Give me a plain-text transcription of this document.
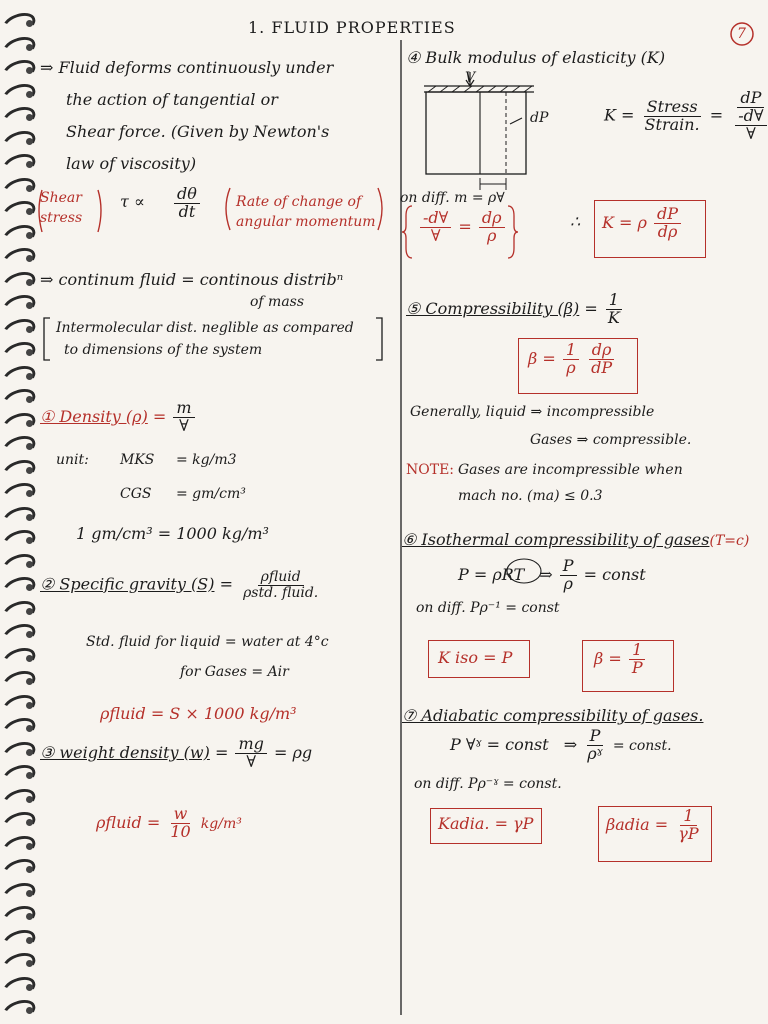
1. FLUID PROPERTIES	7
⇒ Fluid deforms continuously under
the action of tangential or
Shear force. (Given by Newton's
law of viscosity)
Shear
stress
$\tau \propto \frac{d\theta}{dt}$	Rate of change of
angular momentum
⇒ continum fluid = continous distribⁿ
of mass
Intermolecular dist. neglible as compared
to dimensions of the system
① Density $(\rho) = \frac{m}{\forall}$
unit: MKS = kg/m3
CGS = gm/cm³
1 gm/cm³ = 1000 kg/m³
② Specific gravity $(S) = \frac{\text{ρfluid}}{\text{ρstd. fluid.}}$
Std. fluid for liquid = water at 4°c
for Gases = Air
ρfluid = S × 1000 kg/m³
③ weight density $(w) = \frac{mg}{\forall} = \rho g$
ρfluid = $\frac{w}{10} kg/m^3$
④ Bulk modulus of elasticity (K)
V
dP	$K = \frac{\text{Stress}}{\text{Strain.}} = \frac{dP}{\frac{-d\forall}{\forall}}$
on diff. m = ρ∀
$\frac{-d\forall}{\forall} = \frac{d\rho}{\rho}$	∴ K = ρ $\frac{dP}{d\rho}$
⑤ Compressibility $(\beta) = \frac{1}{K}$
$\beta = \frac{1}{\rho}$
$\frac{d\rho}{dP}$
Generally, liquid ⇒ incompressible
Gases ⇒ compressible.
NOTE: Gases are incompressible when
mach no. (ma) ≤ 0.3
⑥ Isothermal compressibility of gases(T=c)
P = ρRT ⇒ $\frac{P}{\rho}$ = const
on diff. Pρ⁻¹ = const
K iso = P	$\beta = \frac{1}{P}$
⑦ Adiabatic compressibility of gases.
P ∀ˠ = const ⇒ $\frac{P}{\text{ρˠ}}$ = const.
on diff. Pρ⁻ˠ = const.
Kadia. = γP	βadia = $\frac{1}{\gamma P}$
